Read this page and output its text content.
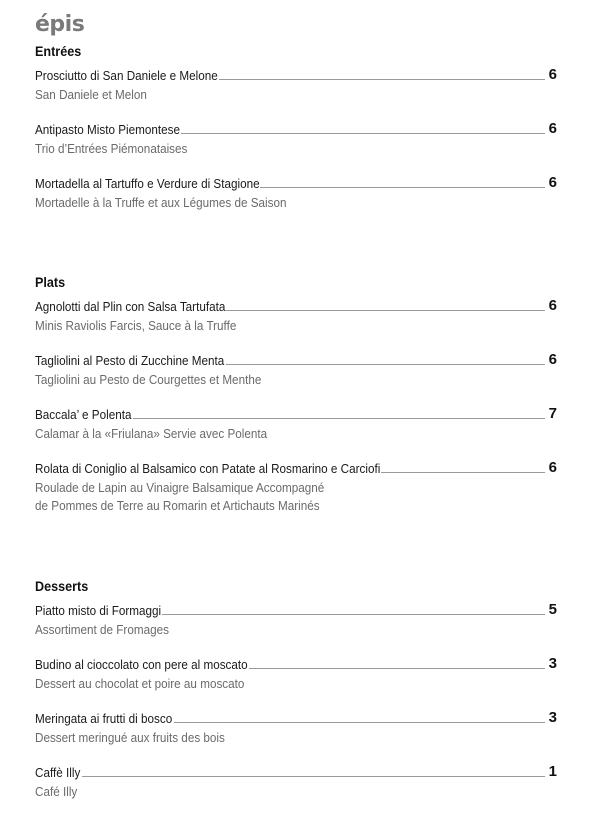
épis
Entrées
Prosciutto di San Daniele e Melone	6
San Daniele et Melon
Antipasto Misto Piemontese	6
Trio d’Entrées Piémonataises
Mortadella al Tartuffo e Verdure di Stagione	6
Mortadelle à la Truffe et aux Légumes de Saison
Plats
Agnolotti dal Plin con Salsa Tartufata	6
Minis Raviolis Farcis, Sauce à la Truffe
Tagliolini al Pesto di Zucchine Menta	6
Tagliolini au Pesto de Courgettes et Menthe
Baccala’ e Polenta	7
Calamar à la «Friulana» Servie avec Polenta
Rolata di Coniglio al Balsamico con Patate al Rosmarino e Carciofi	6
Roulade de Lapin au Vinaigre Balsamique Accompagné
de Pommes de Terre au Romarin et Artichauts Marinés
Desserts
Piatto misto di Formaggi	5
Assortiment de Fromages
Budino al cioccolato con pere al moscato	3
Dessert au chocolat et poire au moscato
Meringata ai frutti di bosco	3
Dessert meringué aux fruits des bois
Caffè Illy	1
Café Illy
